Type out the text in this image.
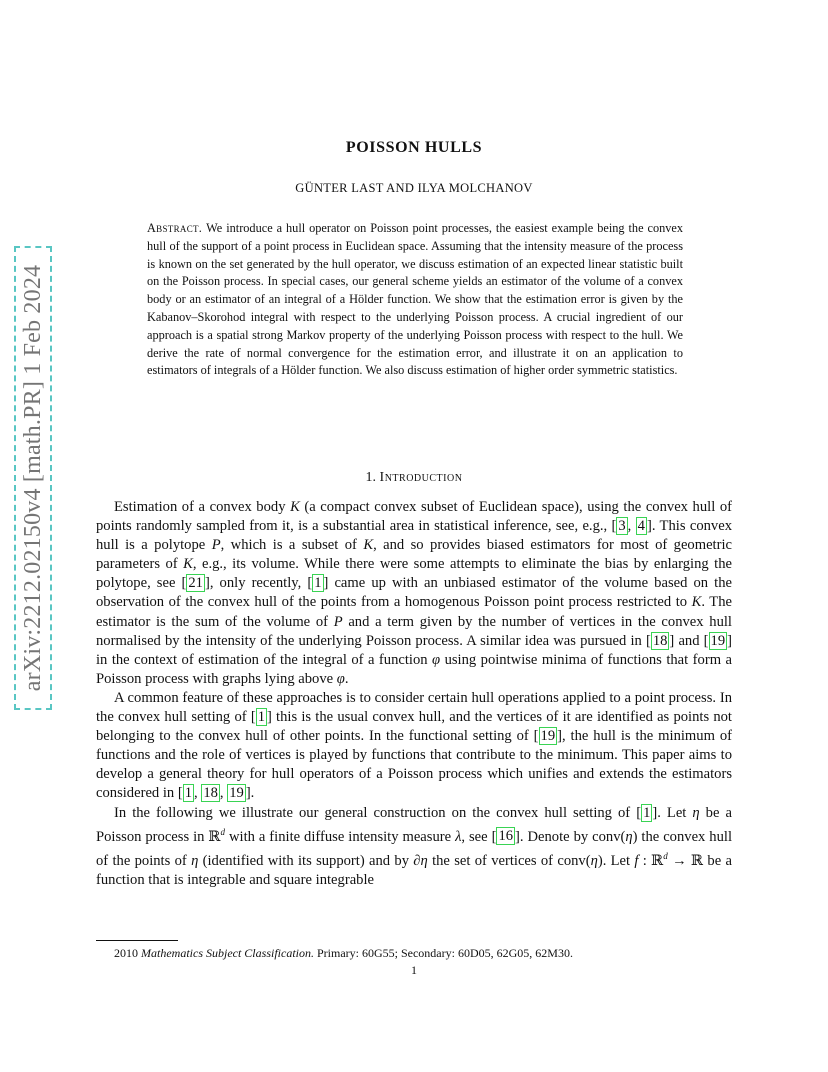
arXiv:2212.02150v4 [math.PR] 1 Feb 2024
POISSON HULLS
GÜNTER LAST AND ILYA MOLCHANOV
Abstract. We introduce a hull operator on Poisson point processes, the easiest example being the convex hull of the support of a point process in Euclidean space. Assuming that the intensity measure of the process is known on the set generated by the hull operator, we discuss estimation of an expected linear statistic built on the Poisson process. In special cases, our general scheme yields an estimator of the volume of a convex body or an estimator of an integral of a Hölder function. We show that the estimation error is given by the Kabanov–Skorohod integral with respect to the underlying Poisson process. A crucial ingredient of our approach is a spatial strong Markov property of the underlying Poisson process with respect to the hull. We derive the rate of normal convergence for the estimation error, and illustrate it on an application to estimators of integrals of a Hölder function. We also discuss estimation of higher order symmetric statistics.
1. Introduction

Estimation of a convex body K (a compact convex subset of Euclidean space), using the convex hull of points randomly sampled from it, is a substantial area in statistical inference, see, e.g., [ 3 , 4 ]. This convex hull is a polytope P, which is a subset of K, and so provides biased estimators for most of geometric parameters of K, e.g., its volume. While there were some attempts to eliminate the bias by enlarging the polytope, see [ 21 ], only recently, [ 1 ] came up with an unbiased estimator of the volume based on the observation of the convex hull of the points from a homogenous Poisson point process restricted to K. The estimator is the sum of the volume of P and a term given by the number of vertices in the convex hull normalised by the intensity of the underlying Poisson process. A similar idea was pursued in [ 18 ] and [ 19 ] in the context of estimation of the integral of a function φ using pointwise minima of functions that form a Poisson process with graphs lying above φ.

A common feature of these approaches is to consider certain hull operations applied to a point process. In the convex hull setting of [ 1 ] this is the usual convex hull, and the vertices of it are identified as points not belonging to the convex hull of other points. In the functional setting of [ 19 ], the hull is the minimum of functions and the role of vertices is played by functions that contribute to the minimum. This paper aims to develop a general theory for hull operators of a Poisson process which unifies and extends the estimators considered in [ 1 , 18 , 19 ].

In the following we illustrate our general construction on the convex hull setting of [ 1 ]. Let η be a Poisson process in ℝ$^d$ with a finite diffuse intensity measure λ, see [ 16 ]. Denote by conv(η) the convex hull of the points of η (identified with its support) and by ∂η the set of vertices of conv(η). Let f : ℝ$^d$ → ℝ be a function that is integrable and square integrable

2010 Mathematics Subject Classification. Primary: 60G55; Secondary: 60D05, 62G05, 62M30.
1
